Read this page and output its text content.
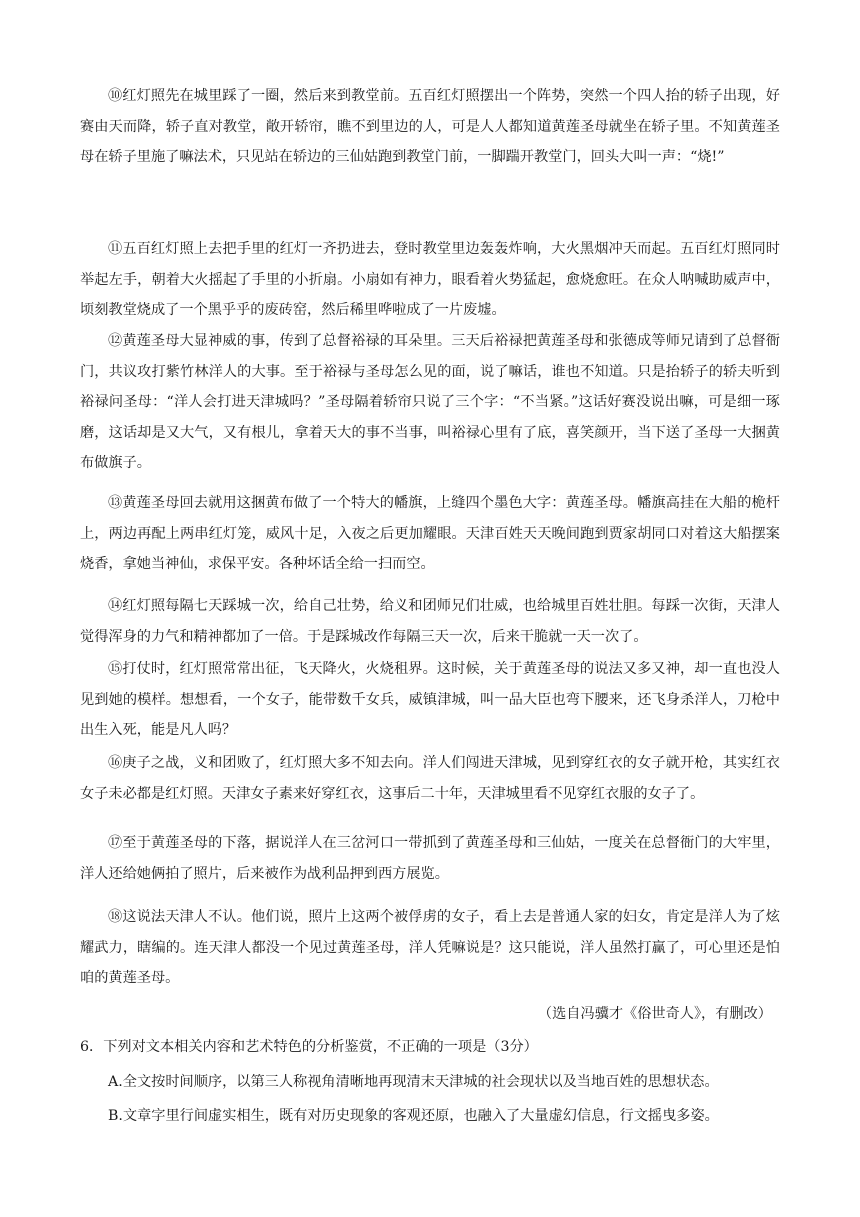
⑩红灯照先在城里踩了一圈，然后来到教堂前。五百红灯照摆出一个阵势，突然一个四人抬的轿子出现，好赛由天而降，轿子直对教堂，敞开轿帘，瞧不到里边的人，可是人人都知道黄莲圣母就坐在轿子里。不知黄莲圣母在轿子里施了嘛法术，只见站在轿边的三仙姑跑到教堂门前，一脚踹开教堂门，回头大叫一声：“烧!”

⑪五百红灯照上去把手里的红灯一齐扔进去，登时教堂里边轰轰炸响，大火黑烟冲天而起。五百红灯照同时举起左手，朝着大火摇起了手里的小折扇。小扇如有神力，眼看着火势猛起，愈烧愈旺。在众人呐喊助威声中，顷刻教堂烧成了一个黑乎乎的废砖窑，然后稀里哗啦成了一片废墟。

⑫黄莲圣母大显神威的事，传到了总督裕禄的耳朵里。三天后裕禄把黄莲圣母和张德成等师兄请到了总督衙门，共议攻打紫竹林洋人的大事。至于裕禄与圣母怎么见的面，说了嘛话，谁也不知道。只是抬轿子的轿夫听到裕禄问圣母：“洋人会打进天津城吗？”圣母隔着轿帘只说了三个字：“不当紧。”这话好赛没说出嘛，可是细一琢磨，这话却是又大气，又有根儿，拿着天大的事不当事，叫裕禄心里有了底，喜笑颜开，当下送了圣母一大捆黄布做旗子。

⑬黄莲圣母回去就用这捆黄布做了一个特大的幡旗，上缝四个墨色大字：黄莲圣母。幡旗高挂在大船的桅杆上，两边再配上两串红灯笼，威风十足，入夜之后更加耀眼。天津百姓天天晚间跑到贾家胡同口对着这大船摆案烧香，拿她当神仙，求保平安。各种坏话全给一扫而空。

⑭红灯照每隔七天踩城一次，给自己壮势，给义和团师兄们壮威，也给城里百姓壮胆。每踩一次街，天津人觉得浑身的力气和精神都加了一倍。于是踩城改作每隔三天一次，后来干脆就一天一次了。

⑮打仗时，红灯照常常出征，飞天降火，火烧租界。这时候，关于黄莲圣母的说法又多又神，却一直也没人见到她的模样。想想看，一个女子，能带数千女兵，威镇津城，叫一品大臣也弯下腰来，还飞身杀洋人，刀枪中出生入死，能是凡人吗？

⑯庚子之战，义和团败了，红灯照大多不知去向。洋人们闯进天津城，见到穿红衣的女子就开枪，其实红衣女子未必都是红灯照。天津女子素来好穿红衣，这事后二十年，天津城里看不见穿红衣服的女子了。

⑰至于黄莲圣母的下落，据说洋人在三岔河口一带抓到了黄莲圣母和三仙姑，一度关在总督衙门的大牢里，洋人还给她俩拍了照片，后来被作为战利品押到西方展览。

⑱这说法天津人不认。他们说，照片上这两个被俘虏的女子，看上去是普通人家的妇女，肯定是洋人为了炫耀武力，瞎编的。连天津人都没一个见过黄莲圣母，洋人凭嘛说是？这只能说，洋人虽然打赢了，可心里还是怕咱的黄莲圣母。

（选自冯骥才《俗世奇人》，有删改）

6．下列对文本相关内容和艺术特色的分析鉴赏，不正确的一项是（3分）

A.全文按时间顺序，以第三人称视角清晰地再现清末天津城的社会现状以及当地百姓的思想状态。

B.文章字里行间虚实相生，既有对历史现象的客观还原，也融入了大量虚幻信息，行文摇曳多姿。
